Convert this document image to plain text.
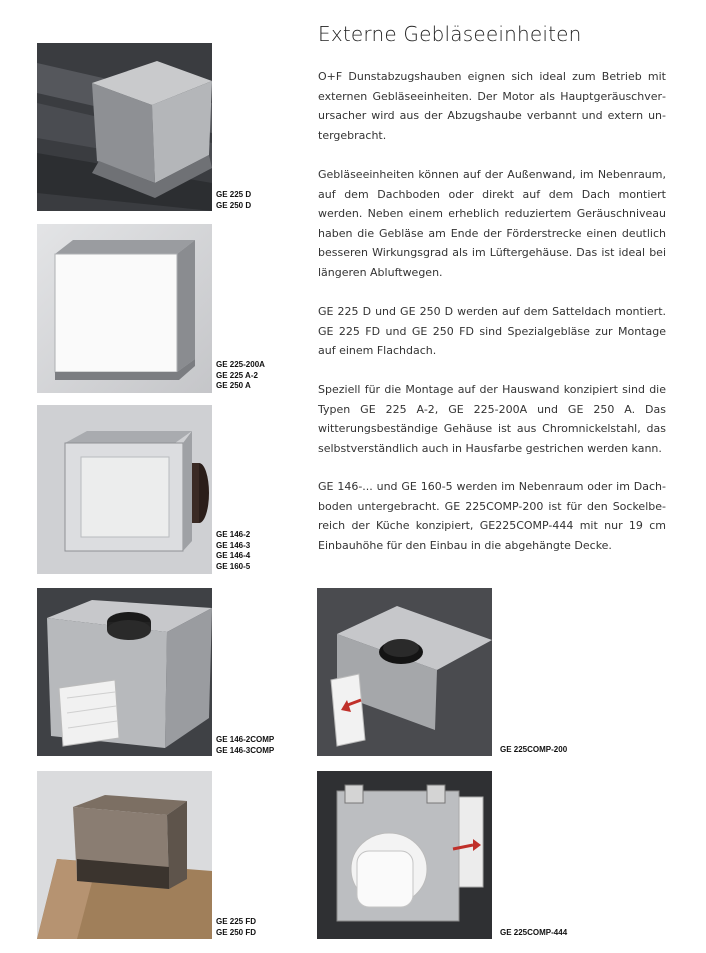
Externe Gebläseeinheiten

O+F Dunstabzugshauben eignen sich ideal zum Betrieb mit externen Gebläseeinheiten. Der Motor als Hauptgeräuschverursacher wird aus der Abzugshaube verbannt und extern untergebracht.

Gebläseeinheiten können auf der Außenwand, im Nebenraum, auf dem Dachboden oder direkt auf dem Dach montiert werden. Neben einem erheblich reduziertem Geräuschniveau haben die Gebläse am Ende der Förderstrecke einen deutlich besseren Wirkungsgrad als im Lüftergehäuse. Das ist ideal bei längeren Abluftwegen.

GE 225 D und GE 250 D werden auf dem Satteldach montiert. GE 225 FD und GE 250 FD sind Spezialgebläse zur Montage auf einem Flachdach.

Speziell für die Montage auf der Hauswand konzipiert sind die Typen GE 225 A-2, GE 225-200A und GE 250 A. Das witterungsbeständige Gehäuse ist aus Chromnickelstahl, das selbstverständlich auch in Hausfarbe gestrichen werden kann.

GE 146-... und GE 160-5 werden im Nebenraum oder im Dachboden untergebracht. GE 225COMP-200 ist für den Sockelbereich der Küche konzipiert, GE225COMP-444 mit nur 19 cm Einbauhöhe für den Einbau in die abgehängte Decke.

GE 225 D
GE 250 D
GE 225-200A
GE 225 A-2
GE 250 A
GE 146-2
GE 146-3
GE 146-4
GE 160-5
GE 146-2COMP
GE 146-3COMP
GE 225 FD
GE 250 FD
GE 225COMP-200
GE 225COMP-444
